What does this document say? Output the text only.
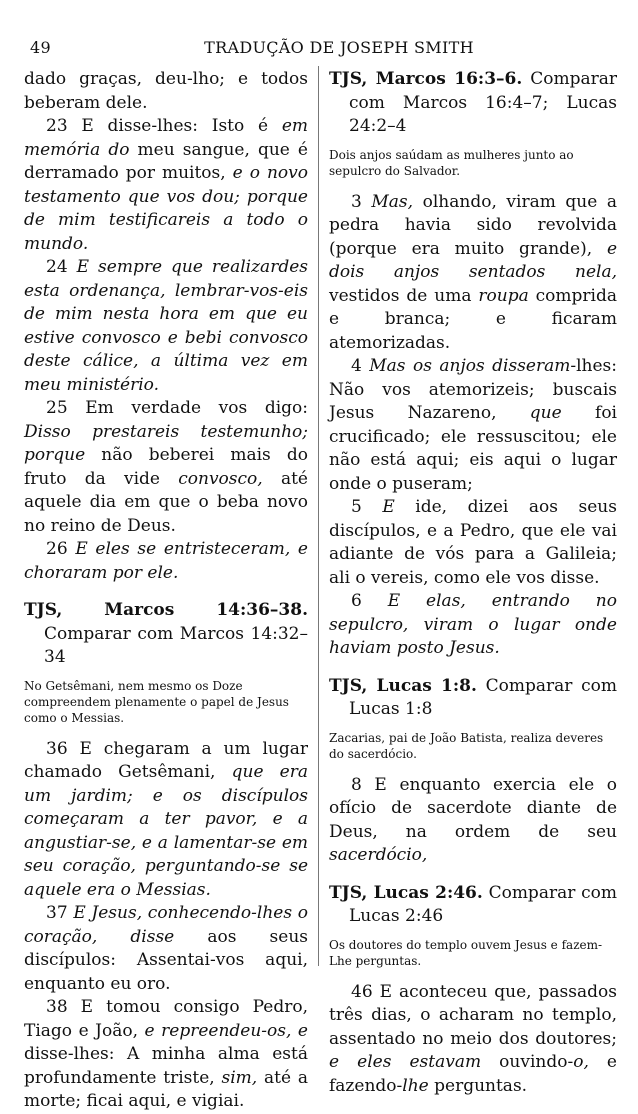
49	TRADUÇÃO DE JOSEPH SMITH

dado graças, deu-lho; e todos beberam dele.

23 E disse-lhes: Isto é em memória do meu sangue, que é derramado por muitos, e o novo testamento que vos dou; porque de mim testificareis a todo o mundo.

24 E sempre que realizardes esta ordenança, lembrar-vos-eis de mim nesta hora em que eu estive convosco e bebi convosco deste cálice, a última vez em meu ministério.

25 Em verdade vos digo: Disso prestareis testemunho; porque não beberei mais do fruto da vide convosco, até aquele dia em que o beba novo no reino de Deus.

26 E eles se entristeceram, e choraram por ele.

TJS, Marcos 14:36–38. Comparar com Marcos 14:32–34

No Getsêmani, nem mesmo os Doze compreendem plenamente o papel de Jesus como o Messias.

36 E chegaram a um lugar chamado Getsêmani, que era um jardim; e os discípulos começaram a ter pavor, e a angustiar-se, e a lamentar-se em seu coração, perguntando-se se aquele era o Messias.

37 E Jesus, conhecendo-lhes o coração, disse aos seus discípulos: Assentai-vos aqui, enquanto eu oro.

38 E tomou consigo Pedro, Tiago e João, e repreendeu-os, e disse-lhes: A minha alma está profundamente triste, sim, até a morte; ficai aqui, e vigiai.

TJS, Marcos 16:3–6. Comparar com Marcos 16:4–7; Lucas 24:2–4

Dois anjos saúdam as mulheres junto ao sepulcro do Salvador.

3 Mas, olhando, viram que a pedra havia sido revolvida (porque era muito grande), e dois anjos sentados nela, vestidos de uma roupa comprida e branca; e ficaram atemorizadas.

4 Mas os anjos disseram-lhes: Não vos atemorizeis; buscais Jesus Nazareno, que foi crucificado; ele ressuscitou; ele não está aqui; eis aqui o lugar onde o puseram;

5 E ide, dizei aos seus discípulos, e a Pedro, que ele vai adiante de vós para a Galileia; ali o vereis, como ele vos disse.

6 E elas, entrando no sepulcro, viram o lugar onde haviam posto Jesus.

TJS, Lucas 1:8. Comparar com Lucas 1:8

Zacarias, pai de João Batista, realiza deveres do sacerdócio.

8 E enquanto exercia ele o ofício de sacerdote diante de Deus, na ordem de seu sacerdócio,

TJS, Lucas 2:46. Comparar com Lucas 2:46

Os doutores do templo ouvem Jesus e fazem-Lhe perguntas.

46 E aconteceu que, passados três dias, o acharam no templo, assentado no meio dos doutores; e eles estavam ouvindo-o, e fazendo-lhe perguntas.
